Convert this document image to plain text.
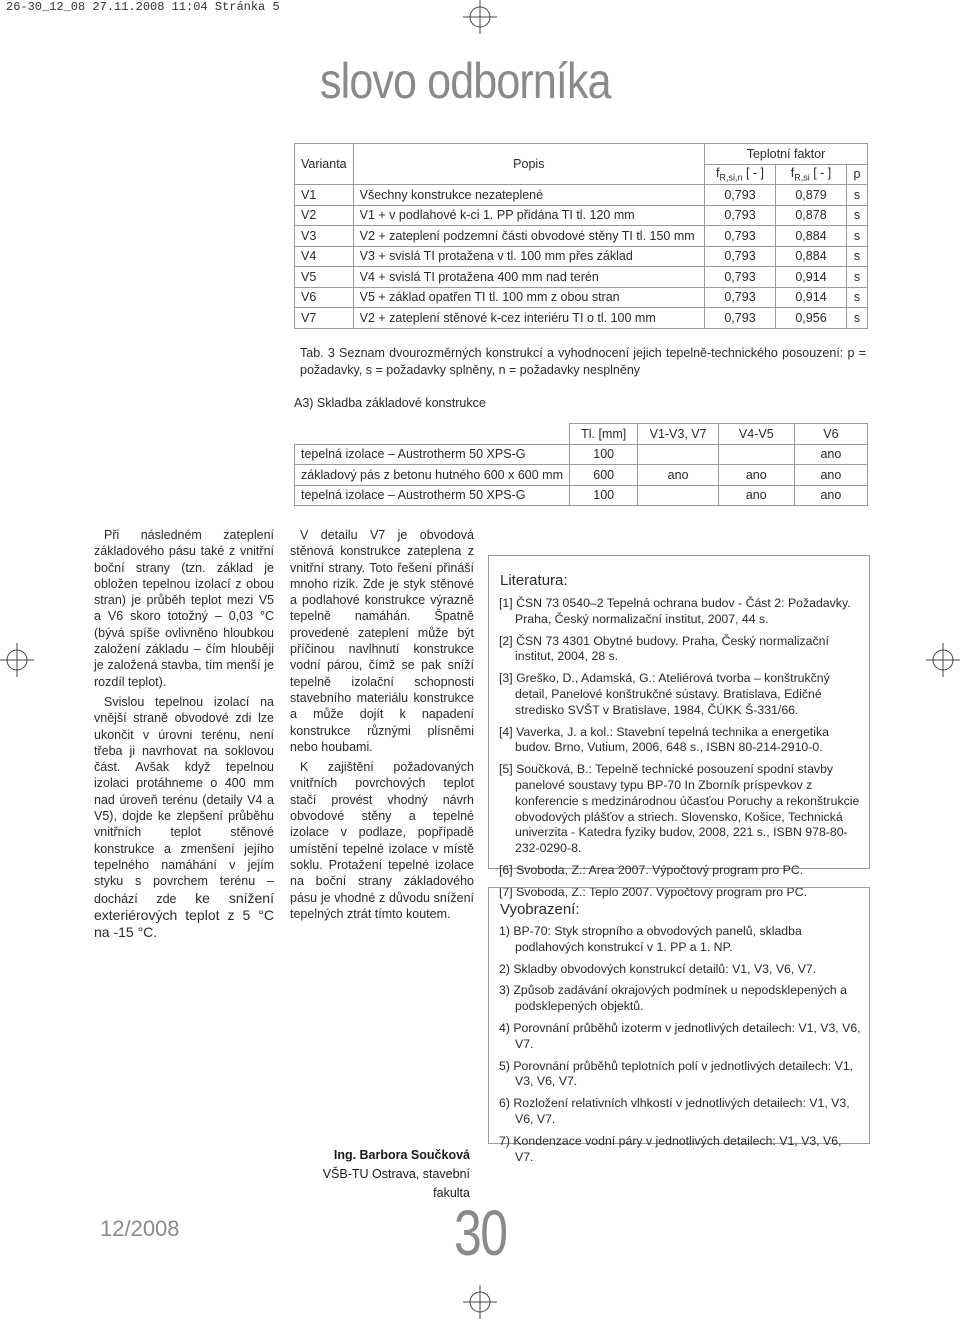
26-30_12_08 27.11.2008 11:04 Stránka 5
slovo odborníka
Varianta	Popis	Teplotní faktor		
		$f_{R,si,n}$ [ - ]	$f_{R,si}$ [ - ]	p
V1	Všechny konstrukce nezateplené	0,793	0,879	s
V2	V1 + v podlahové k-ci 1. PP přidána TI tl. 120 mm	0,793	0,878	s
V3	V2 + zateplení podzemní části obvodové stěny TI tl. 150 mm	0,793	0,884	s
V4	V3 + svislá TI protažena v tl. 100 mm přes základ	0,793	0,884	s
V5	V4 + svislá TI protažena 400 mm nad terén	0,793	0,914	s
V6	V5 + základ opatřen TI tl. 100 mm z obou stran	0,793	0,914	s
V7	V2 + zateplení stěnové k-cez interiéru TI o tl. 100 mm	0,793	0,956	s
Tab. 3 Seznam dvourozměrných konstrukcí a vyhodnocení jejich tepelně-technického posouzení: p = požadavky, s = požadavky splněny, n = požadavky nesplněny
A3) Skladba základové konstrukce
	Tl. [mm]	V1-V3, V7	V4-V5	V6
tepelná izolace – Austrotherm 50 XPS-G	100			ano
základový pás z betonu hutného 600 x 600 mm	600	ano	ano	ano
tepelná izolace – Austrotherm 50 XPS-G	100		ano	ano

Při následném zateplení základového pásu také z vnitřní boční strany (tzn. základ je obložen tepelnou izolací z obou stran) je průběh teplot mezi V5 a V6 skoro totožný – 0,03 °C (bývá spíše ovlivněno hloubkou založení základu – čím hlouběji je založená stavba, tím menší je rozdíl teplot).

Svislou tepelnou izolací na vnější straně obvodové zdi lze ukončit v úrovni terénu, není třeba ji navrhovat na soklovou část. Avšak když tepelnou izolaci protáhneme o 400 mm nad úroveň terénu (detaily V4 a V5), dojde ke zlepšení průběhu vnitřních teplot stěnové konstrukce a zmenšení jejího tepelného namáhání v jejím styku s povrchem terénu – dochází zde ke snížení exteriérových teplot z 5 °C na -15 °C.

V detailu V7 je obvodová stěnová konstrukce zateplena z vnitřní strany. Toto řešení přináší mnoho rizik. Zde je styk stěnové a podlahové konstrukce výrazně tepelně namáhán. Špatně provedené zateplení může být příčinou navlhnutí konstrukce vodní párou, čímž se pak sníží tepelně izolační schopnosti stavebního materiálu konstrukce a může dojít k napadení konstrukce různými plísněmi nebo houbami.

K zajištění požadovaných vnitřních povrchových teplot stačí provést vhodný návrh obvodové stěny a tepelné izolace v podlaze, popřípadě umístění tepelné izolace v místě soklu. Protažení tepelné izolace na boční strany základového pásu je vhodné z důvodu snížení tepelných ztrát tímto koutem.

Literatura:
[1] ČSN 73 0540–2 Tepelná ochrana budov - Část 2: Požadavky. Praha, Český normalizační institut, 2007, 44 s.
[2] ČSN 73 4301 Obytné budovy. Praha, Český normalizační institut, 2004, 28 s.
[3] Greško, D., Adamská, G.: Ateliérová tvorba – konštrukčný detail, Panelové konštrukčné sústavy. Bratislava, Edičné stredisko SVŠT v Bratislave, 1984, ČÚKK Š-331/66.
[4] Vaverka, J. a kol.: Stavební tepelná technika a energetika budov. Brno, Vutium, 2006, 648 s., ISBN 80-214-2910-0.
[5] Součková, B.: Tepelně technické posouzení spodní stavby panelové soustavy typu BP-70 In Zborník príspevkov z konferencie s medzinárodnou účasťou Poruchy a rekonštrukcie obvodových plášťov a striech. Slovensko, Košice, Technická univerzita - Katedra fyziky budov, 2008, 221 s., ISBN 978-80-232-0290-8.
[6] Svoboda, Z.: Area 2007. Výpočtový program pro PC.
[7] Svoboda, Z.: Teplo 2007. Výpočtový program pro PC.
Vyobrazení:
1) BP-70: Styk stropního a obvodových panelů, skladba podlahových konstrukcí v 1. PP a 1. NP.
2) Skladby obvodových konstrukcí detailů: V1, V3, V6, V7.
3) Způsob zadávání okrajových podmínek u nepodsklepených a podsklepených objektů.
4) Porovnání průběhů izoterm v jednotlivých detailech: V1, V3, V6, V7.
5) Porovnání průběhů teplotních polí v jednotlivých detailech: V1, V3, V6, V7.
6) Rozložení relativních vlhkostí v jednotlivých detailech: V1, V3, V6, V7.
7) Kondenzace vodní páry v jednotlivých detailech: V1, V3, V6, V7.
Ing. Barbora Součková
VŠB-TU Ostrava, stavební fakulta
12/2008	30
